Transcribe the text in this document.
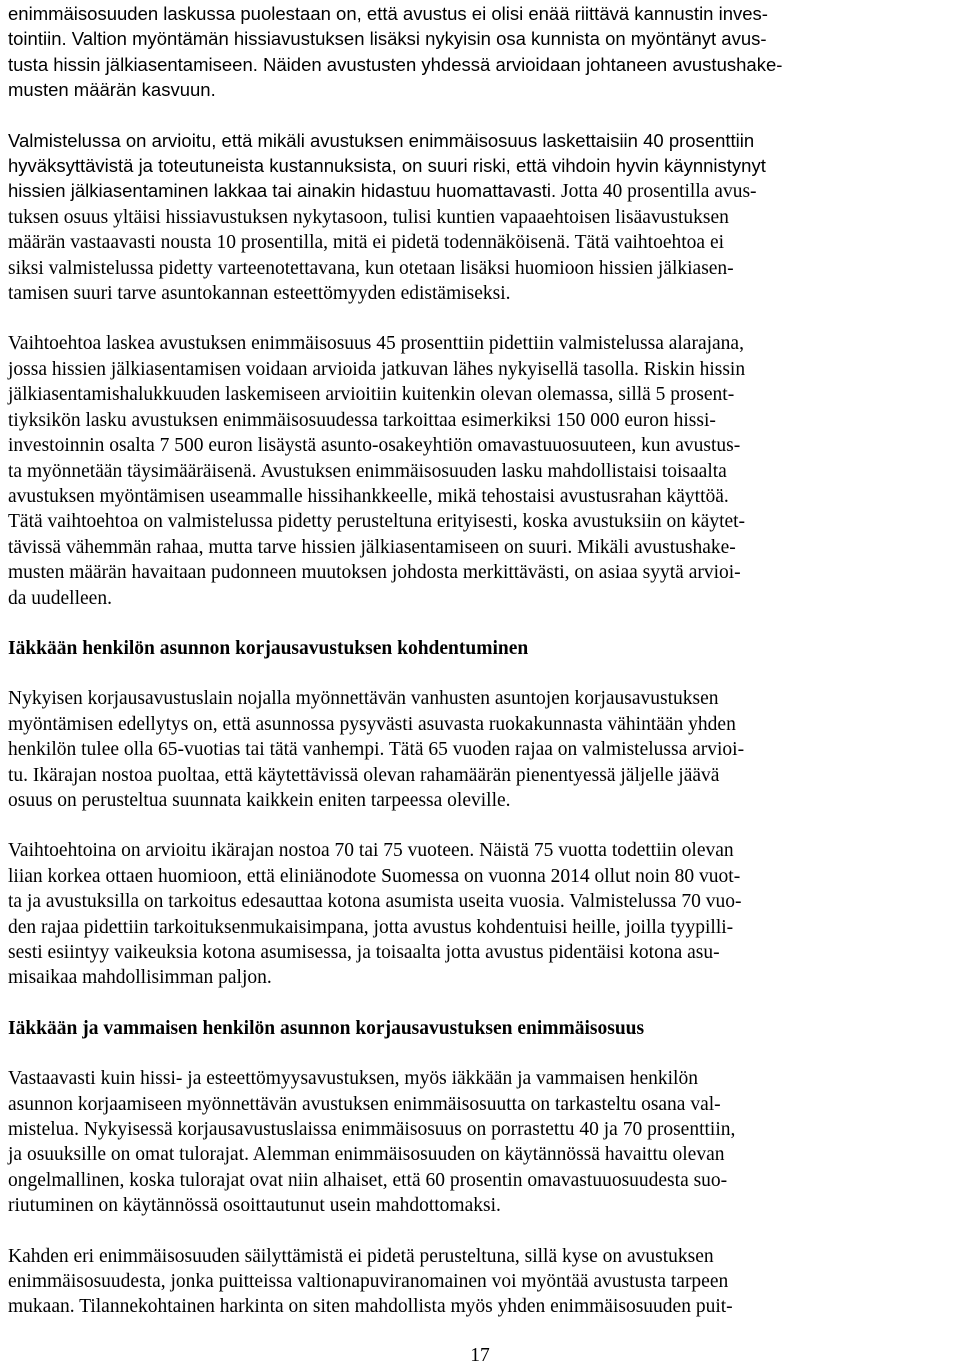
enimmäisosuuden laskussa puolestaan on, että avustus ei olisi enää riittävä kannustin inves-
tointiin. Valtion myöntämän hissiavustuksen lisäksi nykyisin osa kunnista on myöntänyt avus-
tusta hissin jälkiasentamiseen. Näiden avustusten yhdessä arvioidaan johtaneen avustushake-
musten määrän kasvuun.

Valmistelussa on arvioitu, että mikäli avustuksen enimmäisosuus laskettaisiin 40 prosenttiin
hyväksyttävistä ja toteutuneista kustannuksista, on suuri riski, että vihdoin hyvin käynnistynyt
hissien jälkiasentaminen lakkaa tai ainakin hidastuu huomattavasti. Jotta 40 prosentilla avus-
tuksen osuus yltäisi hissiavustuksen nykytasoon, tulisi kuntien vapaaehtoisen lisäavustuksen
määrän vastaavasti nousta 10 prosentilla, mitä ei pidetä todennäköisenä. Tätä vaihtoehtoa ei
siksi valmistelussa pidetty varteenotettavana, kun otetaan lisäksi huomioon hissien jälkiasen-
tamisen suuri tarve asuntokannan esteettömyyden edistämiseksi.

Vaihtoehtoa laskea avustuksen enimmäisosuus 45 prosenttiin pidettiin valmistelussa alarajana,
jossa hissien jälkiasentamisen voidaan arvioida jatkuvan lähes nykyisellä tasolla. Riskin hissin
jälkiasentamishalukkuuden laskemiseen arvioitiin kuitenkin olevan olemassa, sillä 5 prosent-
tiyksikön lasku avustuksen enimmäisosuudessa tarkoittaa esimerkiksi 150 000 euron hissi-
investoinnin osalta 7 500 euron lisäystä asunto-osakeyhtiön omavastuuosuuteen, kun avustus-
ta myönnetään täysimääräisenä. Avustuksen enimmäisosuuden lasku mahdollistaisi toisaalta
avustuksen myöntämisen useammalle hissihankkeelle, mikä tehostaisi avustusrahan käyttöä.
Tätä vaihtoehtoa on valmistelussa pidetty perusteltuna erityisesti, koska avustuksiin on käytet-
tävissä vähemmän rahaa, mutta tarve hissien jälkiasentamiseen on suuri. Mikäli avustushake-
musten määrän havaitaan pudonneen muutoksen johdosta merkittävästi, on asiaa syytä arvioi-
da uudelleen.

Iäkkään henkilön asunnon korjausavustuksen kohdentuminen

Nykyisen korjausavustuslain nojalla myönnettävän vanhusten asuntojen korjausavustuksen
myöntämisen edellytys on, että asunnossa pysyvästi asuvasta ruokakunnasta vähintään yhden
henkilön tulee olla 65-vuotias tai tätä vanhempi. Tätä 65 vuoden rajaa on valmistelussa arvioi-
tu. Ikärajan nostoa puoltaa, että käytettävissä olevan rahamäärän pienentyessä jäljelle jäävä
osuus on perusteltua suunnata kaikkein eniten tarpeessa oleville.

Vaihtoehtoina on arvioitu ikärajan nostoa 70 tai 75 vuoteen. Näistä 75 vuotta todettiin olevan
liian korkea ottaen huomioon, että eliniänodote Suomessa on vuonna 2014 ollut noin 80 vuot-
ta ja avustuksilla on tarkoitus edesauttaa kotona asumista useita vuosia. Valmistelussa 70 vuo-
den rajaa pidettiin tarkoituksenmukaisimpana, jotta avustus kohdentuisi heille, joilla tyypilli-
sesti esiintyy vaikeuksia kotona asumisessa, ja toisaalta jotta avustus pidentäisi kotona asu-
misaikaa mahdollisimman paljon.

Iäkkään ja vammaisen henkilön asunnon korjausavustuksen enimmäisosuus

Vastaavasti kuin hissi- ja esteettömyysavustuksen, myös iäkkään ja vammaisen henkilön
asunnon korjaamiseen myönnettävän avustuksen enimmäisosuutta on tarkasteltu osana val-
mistelua. Nykyisessä korjausavustuslaissa enimmäisosuus on porrastettu 40 ja 70 prosenttiin,
ja osuuksille on omat tulorajat. Alemman enimmäisosuuden on käytännössä havaittu olevan
ongelmallinen, koska tulorajat ovat niin alhaiset, että 60 prosentin omavastuuosuudesta suo-
riutuminen on käytännössä osoittautunut usein mahdottomaksi.

Kahden eri enimmäisosuuden säilyttämistä ei pidetä perusteltuna, sillä kyse on avustuksen
enimmäisosuudesta, jonka puitteissa valtionapuviranomainen voi myöntää avustusta tarpeen
mukaan. Tilannekohtainen harkinta on siten mahdollista myös yhden enimmäisosuuden puit-

17
